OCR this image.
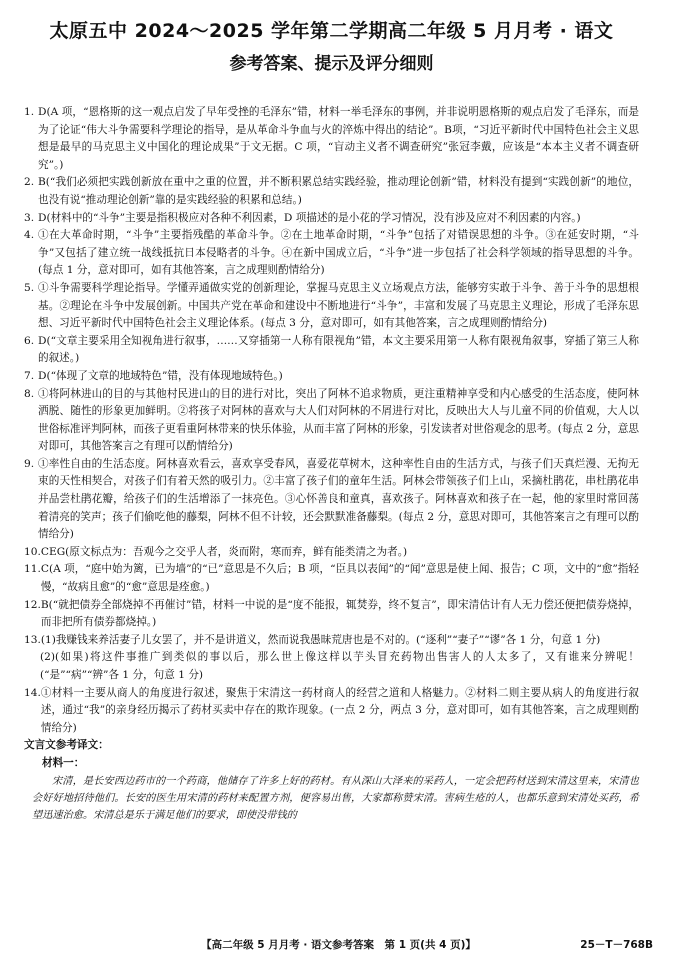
太原五中 2024～2025 学年第二学期高二年级 5 月月考 · 语文
参考答案、提示及评分细则
1. D(A 项，“恩格斯的这一观点启发了早年受挫的毛泽东”错，材料一举毛泽东的事例，并非说明恩格斯的观点启发了毛泽东，而是为了论证“伟大斗争需要科学理论的指导，是从革命斗争血与火的淬炼中得出的结论”。B项，“习近平新时代中国特色社会主义思想是最早的马克思主义中国化的理论成果”于文无据。C 项，“盲动主义者不调查研究”张冠李戴，应该是“本本主义者不调查研究”。)
2. B(“我们必须把实践创新放在重中之重的位置，并不断积累总结实践经验，推动理论创新”错，材料没有提到“实践创新”的地位，也没有说“推动理论创新”靠的是实践经验的积累和总结。)
3. D(材料中的“斗争”主要是指积极应对各种不利因素，D 项描述的是小花的学习情况，没有涉及应对不利因素的内容。)
4. ①在大革命时期，“斗争”主要指残酷的革命斗争。②在土地革命时期，“斗争”包括了对错误思想的斗争。③在延安时期，“斗争”又包括了建立统一战线抵抗日本侵略者的斗争。④在新中国成立后，“斗争”进一步包括了社会科学领域的指导思想的斗争。(每点 1 分，意对即可，如有其他答案，言之成理则酌情给分)
5. ①斗争需要科学理论指导。学懂弄通做实党的创新理论，掌握马克思主义立场观点方法，能够穷实敢于斗争、善于斗争的思想根基。②理论在斗争中发展创新。中国共产党在革命和建设中不断地进行“斗争”，丰富和发展了马克思主义理论，形成了毛泽东思想、习近平新时代中国特色社会主义理论体系。(每点 3 分，意对即可，如有其他答案，言之成理则酌情给分)
6. D(“文章主要采用全知视角进行叙事，……又穿插第一人称有限视角”错，本文主要采用第一人称有限视角叙事，穿插了第三人称的叙述。)
7. D(“体现了文章的地域特色”错，没有体现地域特色。)
8. ①将阿林进山的目的与其他村民进山的目的进行对比，突出了阿林不追求物质，更注重精神享受和内心感受的生活态度，使阿林洒脱、随性的形象更加鲜明。②将孩子对阿林的喜欢与大人们对阿林的不屑进行对比，反映出大人与儿童不同的价值观，大人以世俗标准评判阿林，而孩子更看重阿林带来的快乐体验，从而丰富了阿林的形象，引发读者对世俗观念的思考。(每点 2 分，意思对即可，其他答案言之有理可以酌情给分)
9. ①率性自由的生活态度。阿林喜欢看云，喜欢享受春风，喜爱花草树木，这种率性自由的生活方式，与孩子们天真烂漫、无拘无束的天性相契合，对孩子们有着天然的吸引力。②丰富了孩子们的童年生活。阿林会带领孩子们上山，采摘杜鹃花，串杜鹃花串并品尝杜鹃花瓣，给孩子们的生活增添了一抹亮色。③心怀善良和童真，喜欢孩子。阿林喜欢和孩子在一起，他的家里时常回荡着清亮的笑声；孩子们偷吃他的藤梨，阿林不但不计较，还会默默准备藤梨。(每点 2 分，意思对即可，其他答案言之有理可以酌情给分)
10. CEG(原文标点为：吾观今之交乎人者，炎而附，寒而弃，鲜有能类清之为者。)
11. C(A 项，“庭中始为篱，已为墙”的“已”意思是不久后；B 项，“臣具以表闻”的“闻”意思是使上闻、报告；C 项，文中的“愈”指轻慢，“故病且愈”的“愈”意思是痊愈。)
12. B(“就把债券全部烧掉不再催讨”错，材料一中说的是“度不能报，辄焚券，终不复言”，即宋清估计有人无力偿还便把债券烧掉，而非把所有债券都烧掉。)
13. (1)我赚钱来养活妻子儿女罢了，并不是讲道义，然而说我愚昧荒唐也是不对的。(“逐利”“妻子”“谬”各 1 分，句意 1 分)
(2)(如果)将这件事推广到类似的事以后，那么世上像这样以芋头冒充药物出售害人的人太多了，又有谁来分辨呢！(“是”“病”“辨”各 1 分，句意 1 分)
14. ①材料一主要从商人的角度进行叙述，聚焦于宋清这一药材商人的经营之道和人格魅力。②材料二则主要从病人的角度进行叙述，通过“我”的亲身经历揭示了药材买卖中存在的欺诈现象。(一点 2 分，两点 3 分，意对即可，如有其他答案，言之成理则酌情给分)
文言文参考译文：
材料一：
宋清，是长安西边药市的一个药商，他储存了许多上好的药材。有从深山大泽来的采药人，一定会把药材送到宋清这里来，宋清也会好好地招待他们。长安的医生用宋清的药材来配置方剂，便容易出售，大家都称赞宋清。害病生疮的人，也都乐意到宋清处买药，希望迅速治愈。宋清总是乐于满足他们的要求，即使没带钱的
【高二年级 5 月月考 · 语文参考答案　第 1 页(共 4 页)】	25－T－768B
